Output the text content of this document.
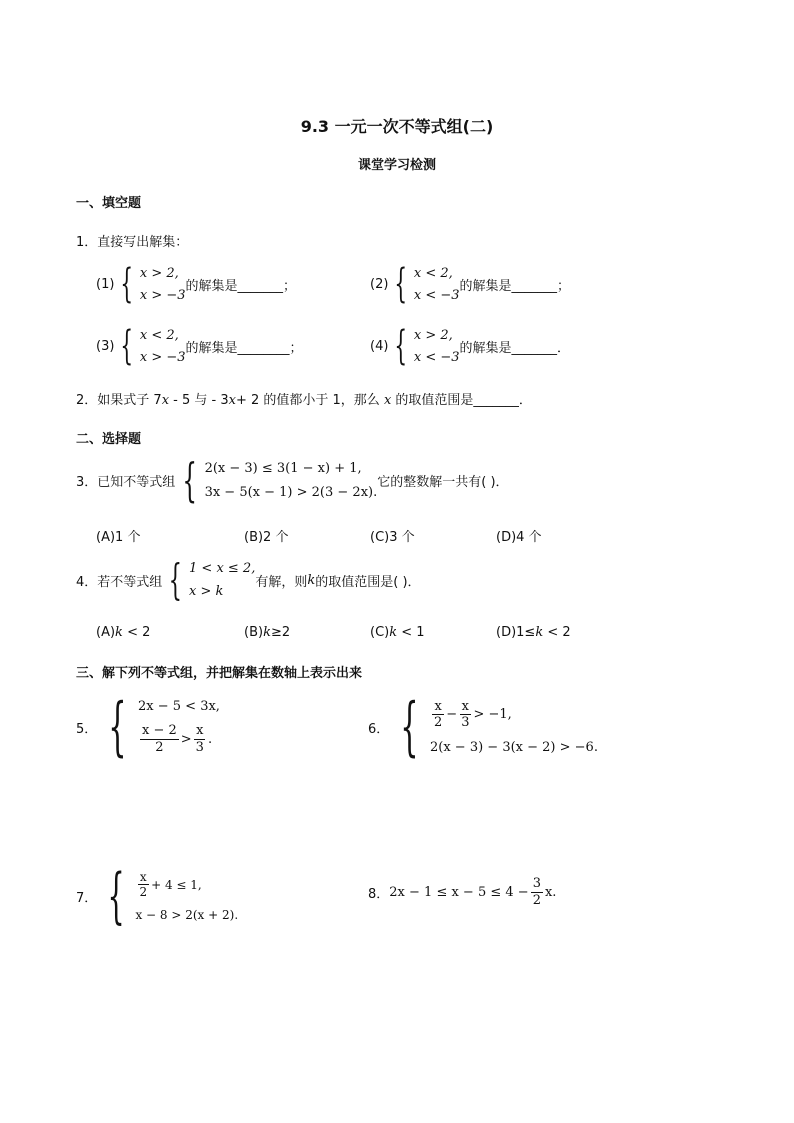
9.3 一元一次不等式组(二)
课堂学习检测
一、填空题
1．直接写出解集：
(1) { x > 2,
x > −3
的解集是_______；	(2) { x < 2,
x < −3
的解集是_______；
(3) { x < 2,
x > −3
的解集是________；	(4) { x > 2,
x < −3
的解集是_______．
2．如果式子 7x - 5 与 - 3x+ 2 的值都小于 1，那么 x 的取值范围是_______．
二、选择题
3．已知不等式组 { 2(x − 3) ≤ 3(1 − x) + 1,
3x − 5(x − 1) > 2(3 − 2x).
它的整数解一共有( )．
(A)1 个	(B)2 个	(C)3 个	(D)4 个
4．若不等式组 { 1 < x ≤ 2,
x > k
有解，则 k 的取值范围是( )．
(A)k < 2	(B)k≥2	(C)k < 1	(D)1≤k < 2
三、解下列不等式组，并把解集在数轴上表示出来
5． { 2x − 5 < 3x,
$\frac{x - 2}{2} > \frac{x}{3}$ .
6． { $\frac{x}{2} - \frac{x}{3} > -1$,
2(x − 3) − 3(x − 2) > −6.
7． { $\frac{x}{2} + 4 \le 1$,
x − 8 > 2(x + 2).
8． $2x - 1 \le x - 5 \le 4 - \frac{3}{2} x$.
